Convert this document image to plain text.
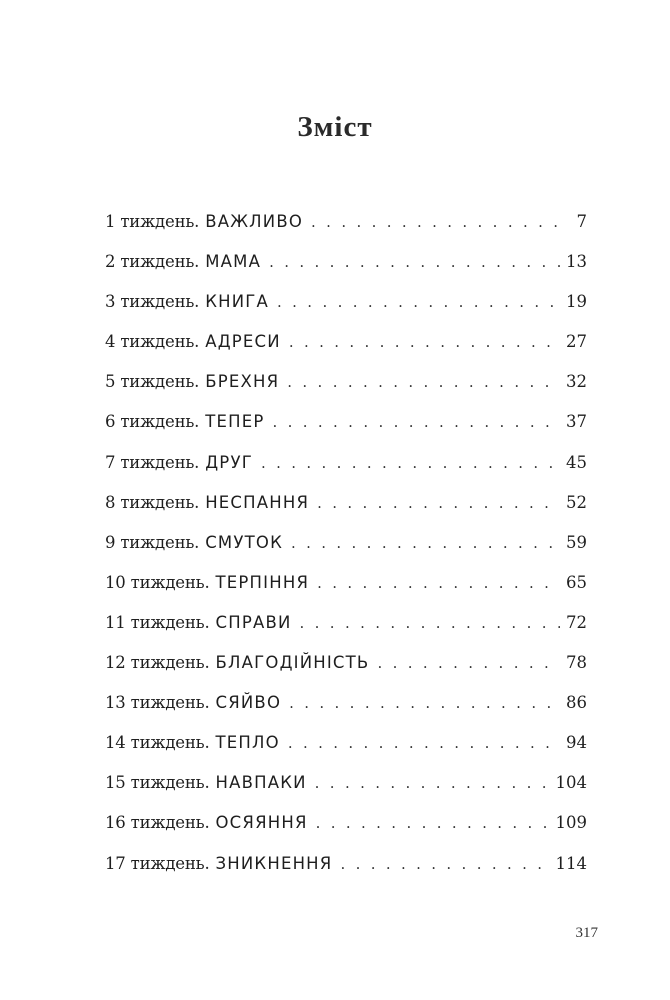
Зміст
1 тиждень. ВАЖЛИВО . . .	7
2 тиждень. МАМА . . .	13
3 тиждень. КНИГА . . .	19
4 тиждень. АДРЕСИ . . .	27
5 тиждень. БРЕХНЯ . . .	32
6 тиждень. ТЕПЕР . . .	37
7 тиждень. ДРУГ . . .	45
8 тиждень. НЕСПАННЯ . . .	52
9 тиждень. СМУТОК . . .	59
10 тиждень. ТЕРПІННЯ . . .	65
11 тиждень. СПРАВИ . . .	72
12 тиждень. БЛАГОДІЙНІСТЬ . . .	78
13 тиждень. СЯЙВО . . .	86
14 тиждень. ТЕПЛО . . .	94
15 тиждень. НАВПАКИ . . .	104
16 тиждень. ОСЯЯННЯ . . .	109
17 тиждень. ЗНИКНЕННЯ . . .	114
317
